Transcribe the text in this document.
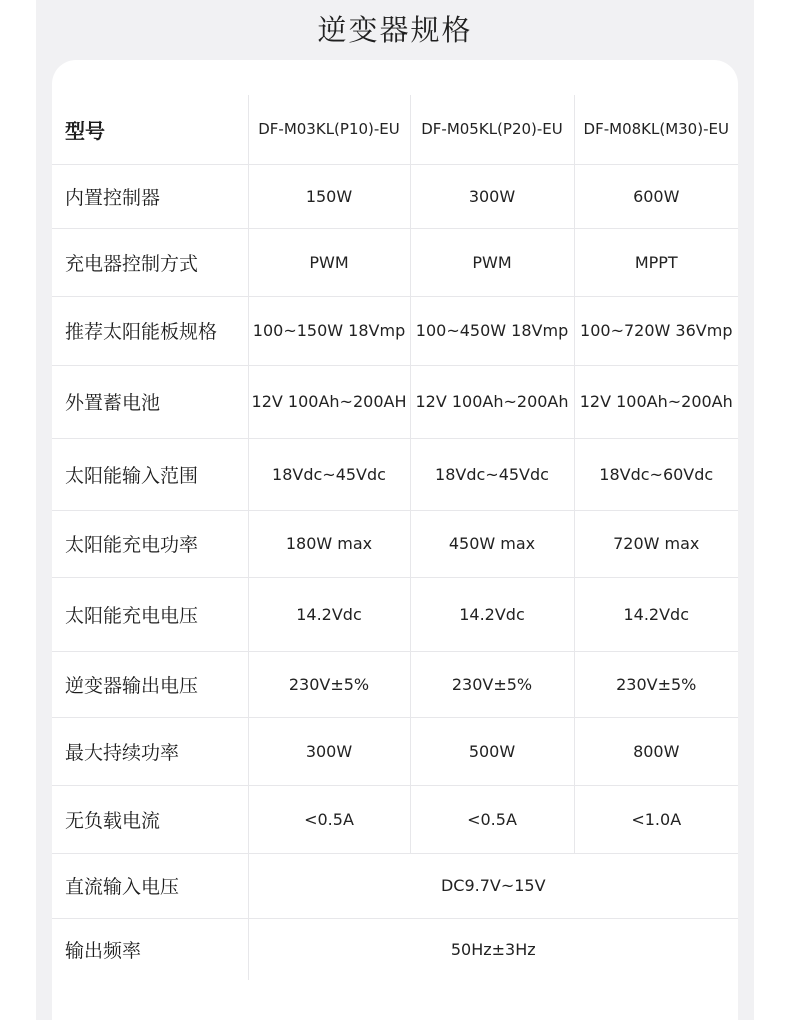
逆变器规格
型号	DF-M03KL(P10)-EU	DF-M05KL(P20)-EU	DF-M08KL(M30)-EU
内置控制器	150W	300W	600W
充电器控制方式	PWM	PWM	MPPT
推荐太阳能板规格	100~150W 18Vmp	100~450W 18Vmp	100~720W 36Vmp
外置蓄电池	12V 100Ah~200AH	12V 100Ah~200Ah	12V 100Ah~200Ah
太阳能输入范围	18Vdc~45Vdc	18Vdc~45Vdc	18Vdc~60Vdc
太阳能充电功率	180W max	450W max	720W max
太阳能充电电压	14.2Vdc	14.2Vdc	14.2Vdc
逆变器输出电压	230V±5%	230V±5%	230V±5%
最大持续功率	300W	500W	800W
无负载电流	<0.5A	<0.5A	<1.0A
直流输入电压	DC9.7V~15V		
输出频率	50Hz±3Hz		
